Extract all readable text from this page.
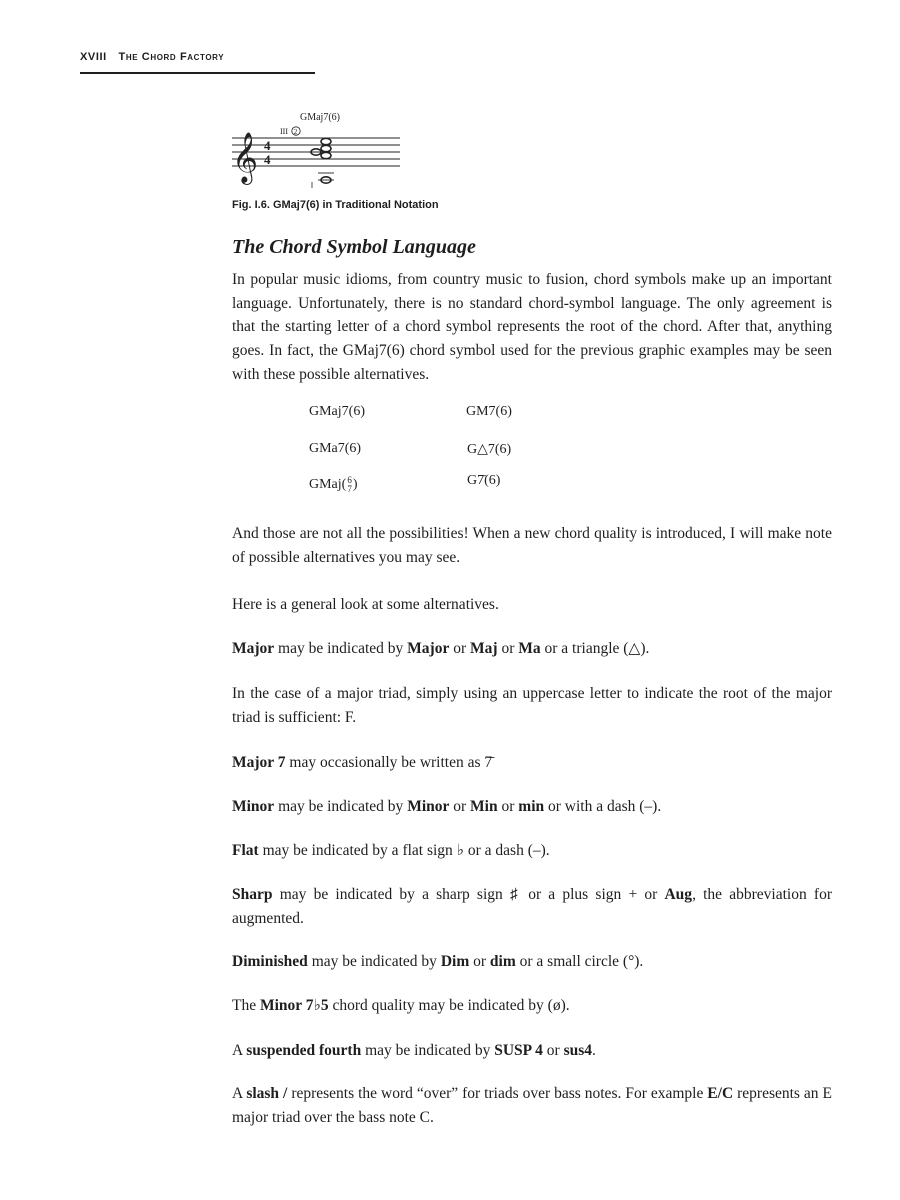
XVIII The Chord Factory
GMaj7(6)
III 2
𝄞 4
4
Fig. I.6. GMaj7(6) in Traditional Notation
The Chord Symbol Language
In popular music idioms, from country music to fusion, chord symbols make up an important language. Unfortunately, there is no standard chord-symbol language. The only agreement is that the starting letter of a chord symbol represents the root of the chord. After that, anything goes. In fact, the GMaj7(6) chord symbol used for the previous graphic examples may be seen with these possible alternatives.
GMaj7(6)
GMa7(6)
GMaj( 6
7 )
GM7(6)
G△7(6)
G7̄(6)
And those are not all the possibilities! When a new chord quality is introduced, I will make note of possible alternatives you may see.
Here is a general look at some alternatives.
Major may be indicated by Major or Maj or Ma or a triangle (△).
In the case of a major triad, simply using an uppercase letter to indicate the root of the major triad is sufficient: F.
Major 7 may occasionally be written as 7̄
Minor may be indicated by Minor or Min or min or with a dash (–).
Flat may be indicated by a flat sign ♭ or a dash (–).
Sharp may be indicated by a sharp sign ♯ or a plus sign + or Aug, the abbreviation for augmented.
Diminished may be indicated by Dim or dim or a small circle (°).
The Minor 7♭5 chord quality may be indicated by (ø).
A suspended fourth may be indicated by SUSP 4 or sus4.
A slash / represents the word “over” for triads over bass notes. For example E/C represents an E major triad over the bass note C.
